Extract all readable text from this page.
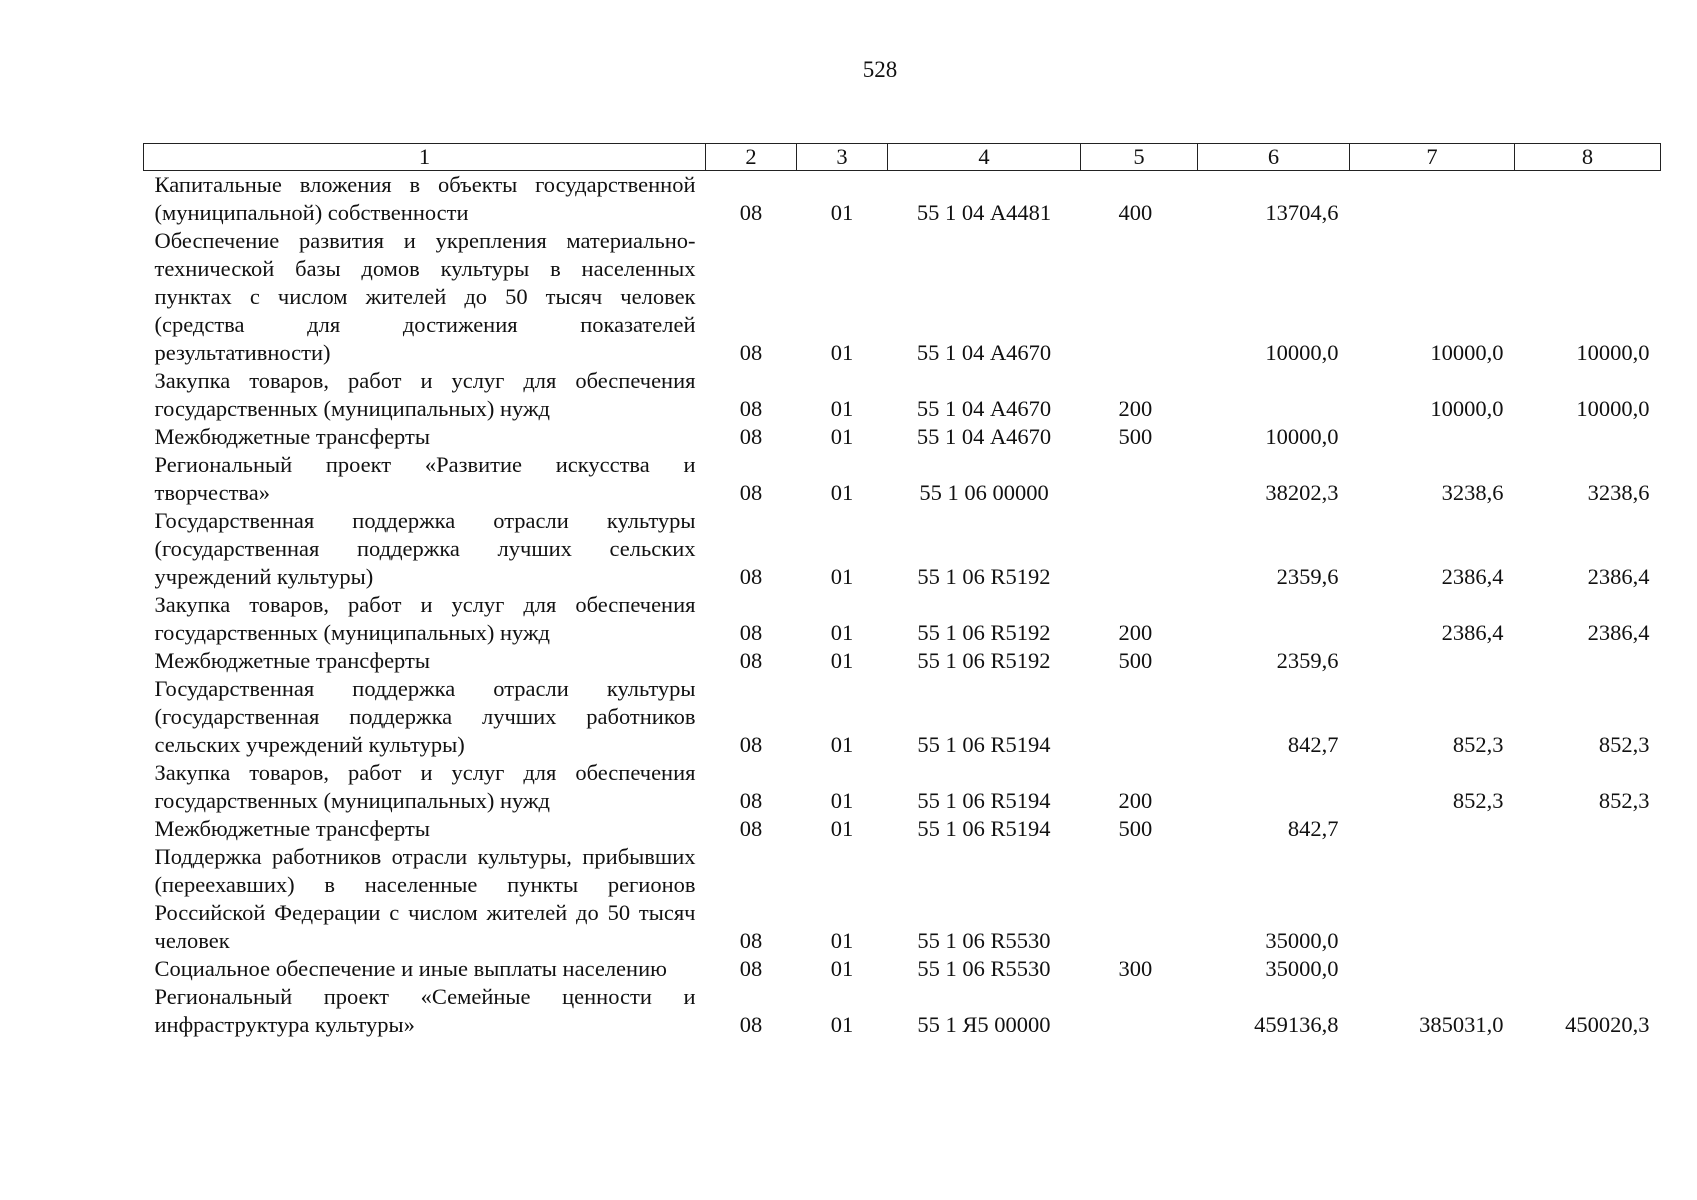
528
1	2	3	4	5	6	7	8
Капитальные вложения в объекты государственной (муниципальной) собственности	08	01	55 1 04 А4481	400	13704,6		
Обеспечение развития и укрепления материально-технической базы домов культуры в населенных пунктах с числом жителей до 50 тысяч человек (средства для достижения показателей результативности)	08	01	55 1 04 А4670		10000,0	10000,0	10000,0
Закупка товаров, работ и услуг для обеспечения государственных (муниципальных) нужд	08	01	55 1 04 А4670	200		10000,0	10000,0
Межбюджетные трансферты	08	01	55 1 04 А4670	500	10000,0		
Региональный проект «Развитие искусства и творчества»	08	01	55 1 06 00000		38202,3	3238,6	3238,6
Государственная поддержка отрасли культуры (государственная поддержка лучших сельских учреждений культуры)	08	01	55 1 06 R5192		2359,6	2386,4	2386,4
Закупка товаров, работ и услуг для обеспечения государственных (муниципальных) нужд	08	01	55 1 06 R5192	200		2386,4	2386,4
Межбюджетные трансферты	08	01	55 1 06 R5192	500	2359,6		
Государственная поддержка отрасли культуры (государственная поддержка лучших работников сельских учреждений культуры)	08	01	55 1 06 R5194		842,7	852,3	852,3
Закупка товаров, работ и услуг для обеспечения государственных (муниципальных) нужд	08	01	55 1 06 R5194	200		852,3	852,3
Межбюджетные трансферты	08	01	55 1 06 R5194	500	842,7		
Поддержка работников отрасли культуры, прибывших (переехавших) в населенные пункты регионов Российской Федерации с числом жителей до 50 тысяч человек	08	01	55 1 06 R5530		35000,0		
Социальное обеспечение и иные выплаты населению	08	01	55 1 06 R5530	300	35000,0		
Региональный проект «Семейные ценности и инфраструктура культуры»	08	01	55 1 Я5 00000		459136,8	385031,0	450020,3
